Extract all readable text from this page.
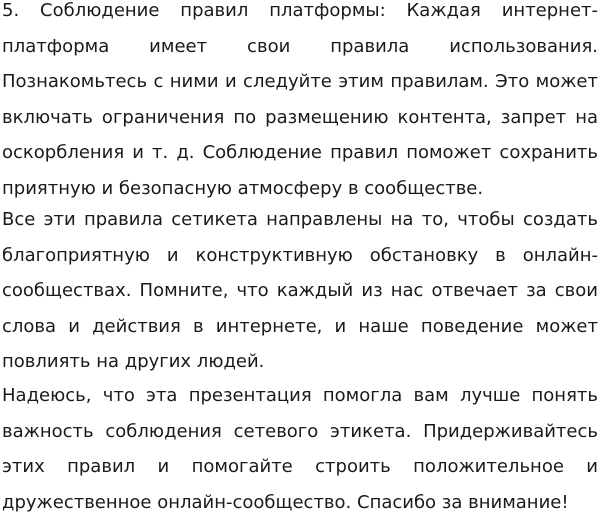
5. Соблюдение правил платформы: Каждая интернет-платформа имеет свои правила использования. Познакомьтесь с ними и следуйте этим правилам. Это может включать ограничения по размещению контента, запрет на оскорбления и т. д. Соблюдение правил поможет сохранить приятную и безопасную атмосферу в сообществе.

Все эти правила сетикета направлены на то, чтобы создать благоприятную и конструктивную обстановку в онлайн-сообществах. Помните, что каждый из нас отвечает за свои слова и действия в интернете, и наше поведение может повлиять на других людей.

Надеюсь, что эта презентация помогла вам лучше понять важность соблюдения сетевого этикета. Придерживайтесь этих правил и помогайте строить положительное и дружественное онлайн-сообщество. Спасибо за внимание!
